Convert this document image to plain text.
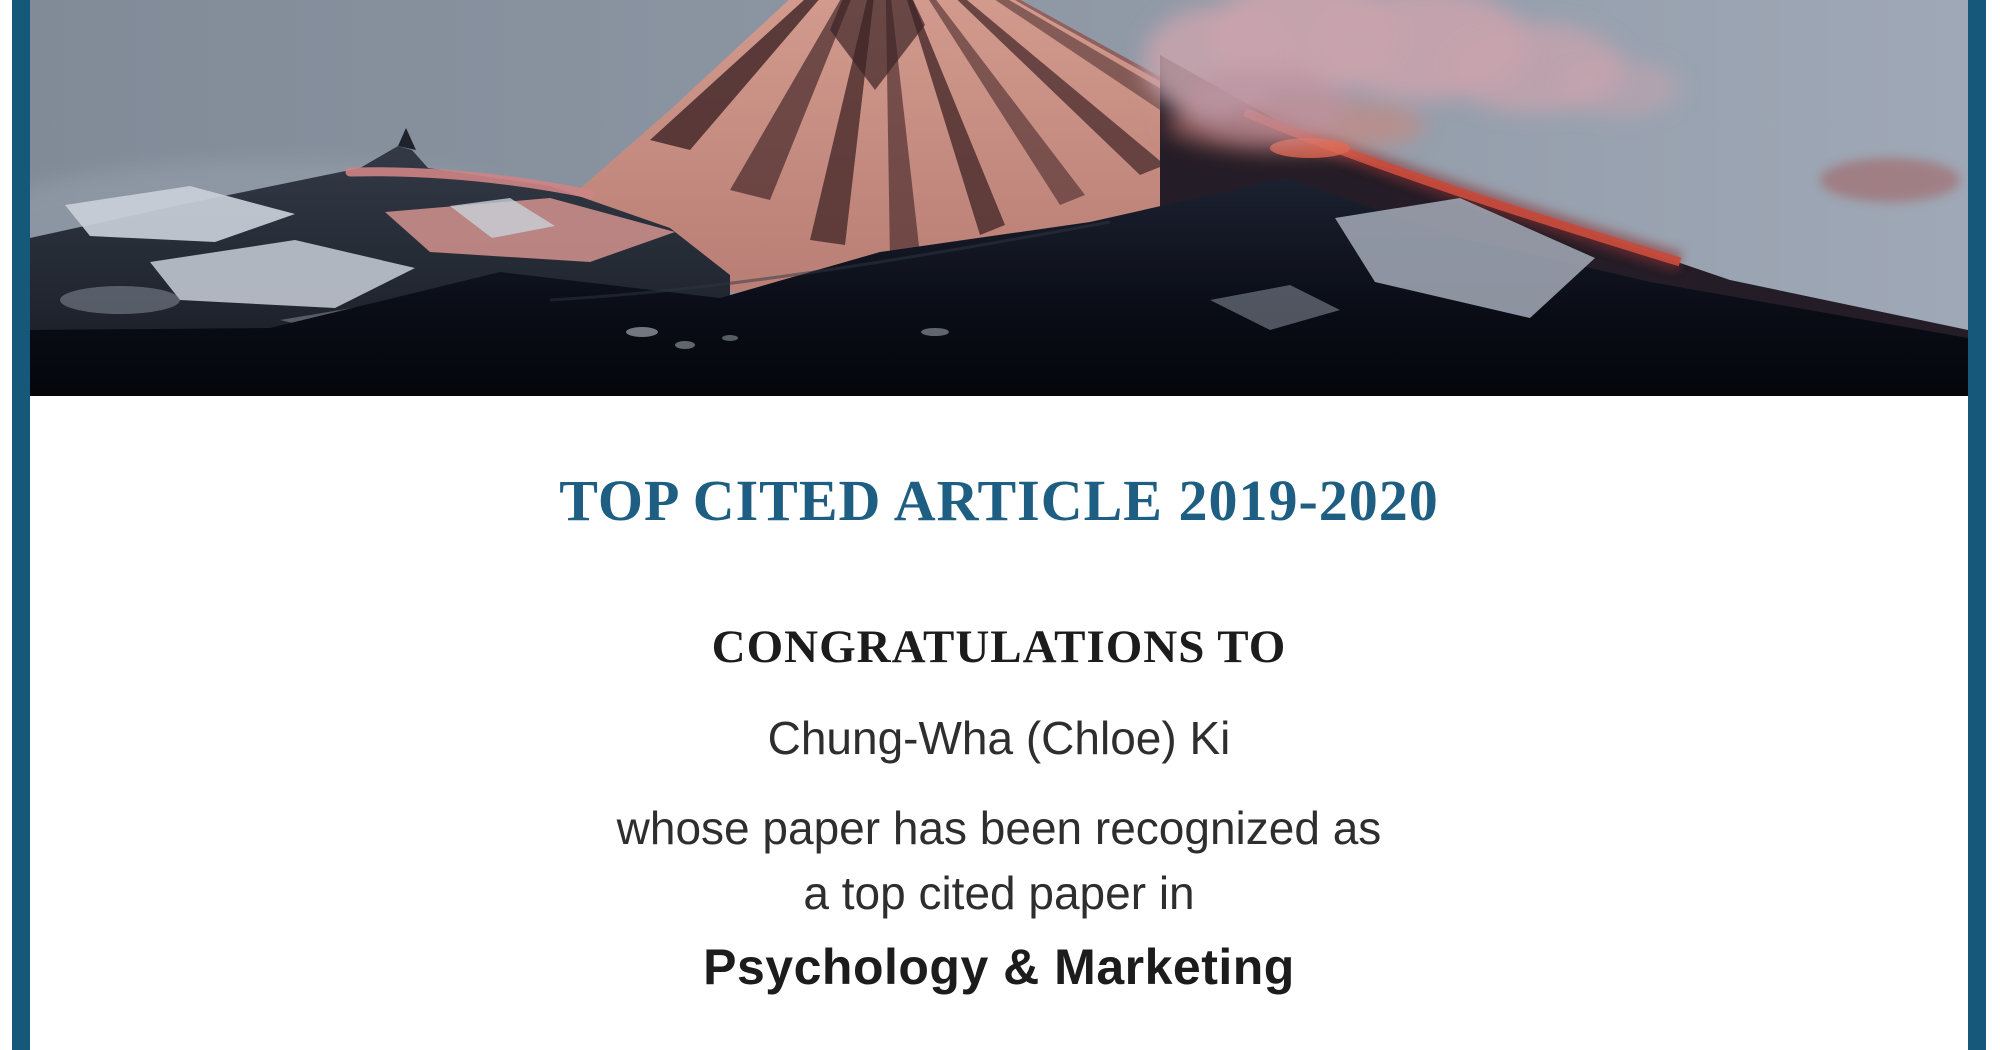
TOP CITED ARTICLE 2019-2020
CONGRATULATIONS TO
Chung-Wha (Chloe) Ki
whose paper has been recognized as
a top cited paper in
Psychology & Marketing
